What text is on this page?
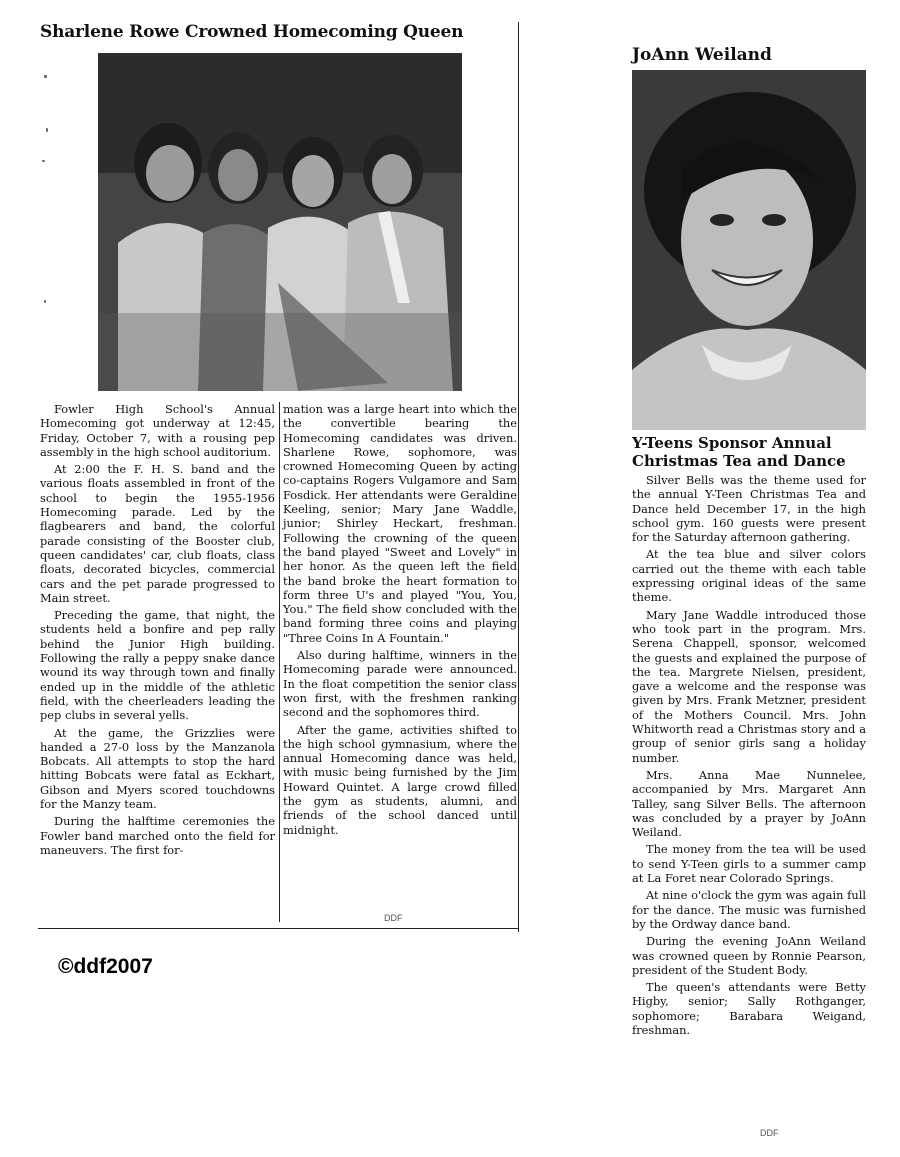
Sharlene Rowe Crowned Homecoming Queen

Fowler High School's Annual Homecoming got underway at 12:45, Friday, October 7, with a rousing pep assembly in the high school auditorium.

At 2:00 the F. H. S. band and the various floats assembled in front of the school to begin the 1955-1956 Homecoming parade. Led by the flagbearers and band, the colorful parade consisting of the Booster club, queen candidates' car, club floats, class floats, decorated bicycles, commercial cars and the pet parade progressed to Main street.

Preceding the game, that night, the students held a bonfire and pep rally behind the Junior High building. Following the rally a peppy snake dance wound its way through town and finally ended up in the middle of the athletic field, with the cheerleaders leading the pep clubs in several yells.

At the game, the Grizzlies were handed a 27-0 loss by the Manzanola Bobcats. All attempts to stop the hard hitting Bobcats were fatal as Eckhart, Gibson and Myers scored touchdowns for the Manzy team.

During the halftime ceremonies the Fowler band marched onto the field for maneuvers. The first for-

mation was a large heart into which the the convertible bearing the Homecoming candidates was driven. Sharlene Rowe, sophomore, was crowned Homecoming Queen by acting co-captains Rogers Vulgamore and Sam Fosdick. Her attendants were Geraldine Keeling, senior; Mary Jane Waddle, junior; Shirley Heckart, freshman. Following the crowning of the queen the band played "Sweet and Lovely" in her honor. As the queen left the field the band broke the heart formation to form three U's and played "You, You, You." The field show concluded with the band forming three coins and playing "Three Coins In A Fountain."

Also during halftime, winners in the Homecoming parade were announced. In the float competition the senior class won first, with the freshmen ranking second and the sophomores third.

After the game, activities shifted to the high school gymnasium, where the annual Homecoming dance was held, with music being furnished by the Jim Howard Quintet. A large crowd filled the gym as students, alumni, and friends of the school danced until midnight.

DDF
JoAnn Weiland
Y-Teens Sponsor Annual Christmas Tea and Dance

Silver Bells was the theme used for the annual Y-Teen Christmas Tea and Dance held December 17, in the high school gym. 160 guests were present for the Saturday afternoon gathering.

At the tea blue and silver colors carried out the theme with each table expressing original ideas of the same theme.

Mary Jane Waddle introduced those who took part in the program. Mrs. Serena Chappell, sponsor, welcomed the guests and explained the purpose of the tea. Margrete Nielsen, president, gave a welcome and the response was given by Mrs. Frank Metzner, president of the Mothers Council. Mrs. John Whitworth read a Christmas story and a group of senior girls sang a holiday number.

Mrs. Anna Mae Nunnelee, accompanied by Mrs. Margaret Ann Talley, sang Silver Bells. The afternoon was concluded by a prayer by JoAnn Weiland.

The money from the tea will be used to send Y-Teen girls to a summer camp at La Foret near Colorado Springs.

At nine o'clock the gym was again full for the dance. The music was furnished by the Ordway dance band.

During the evening JoAnn Weiland was crowned queen by Ronnie Pearson, president of the Student Body.

The queen's attendants were Betty Higby, senior; Sally Rothganger, sophomore; Barabara Weigand, freshman.

DDF
©ddf2007
